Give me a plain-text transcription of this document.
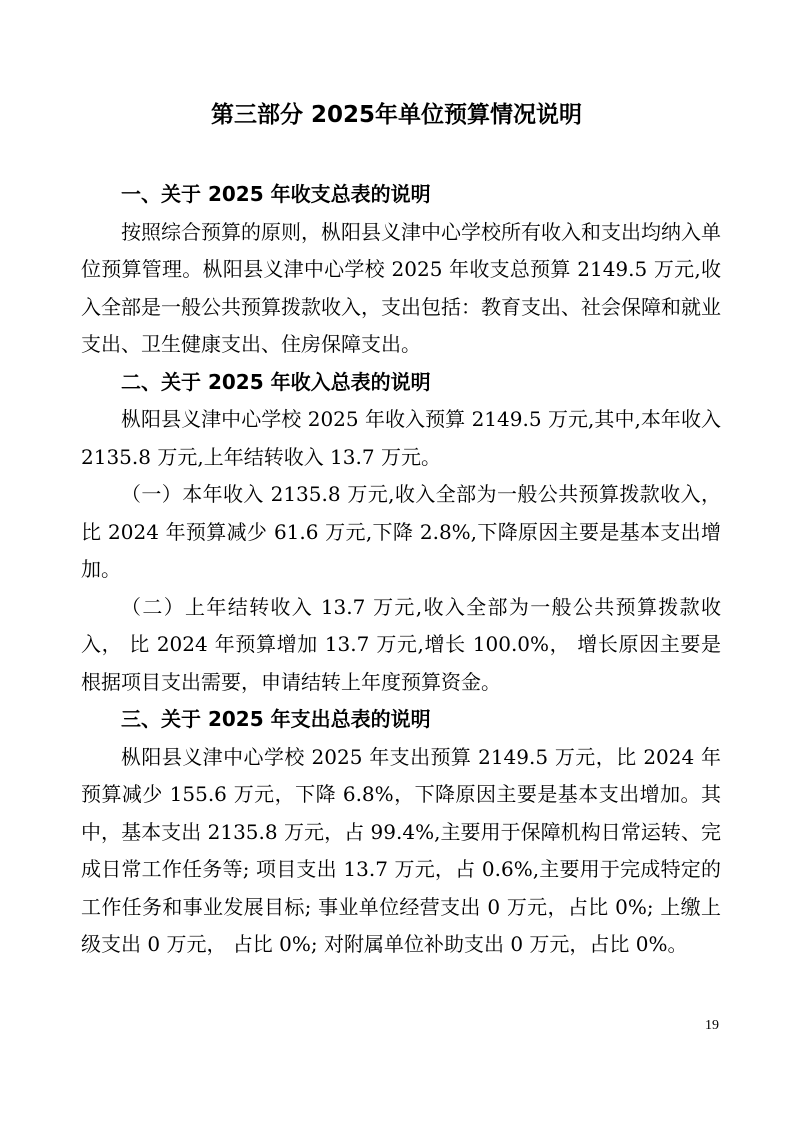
第三部分 2025年单位预算情况说明
一、关于 2025 年收支总表的说明

按照综合预算的原则，枞阳县义津中心学校所有收入和支出均纳入单位预算管理。枞阳县义津中心学校 2025 年收支总预算 2149.5 万元,收入全部是一般公共预算拨款收入，支出包括：教育支出、社会保障和就业支出、卫生健康支出、住房保障支出。

二、关于 2025 年收入总表的说明

枞阳县义津中心学校 2025 年收入预算 2149.5 万元,其中,本年收入 2135.8 万元,上年结转收入 13.7 万元。

（一）本年收入 2135.8 万元,收入全部为一般公共预算拨款收入，比 2024 年预算减少 61.6 万元,下降 2.8%,下降原因主要是基本支出增加。

（二）上年结转收入 13.7 万元,收入全部为一般公共预算拨款收入， 比 2024 年预算增加 13.7 万元,增长 100.0%， 增长原因主要是根据项目支出需要，申请结转上年度预算资金。

三、关于 2025 年支出总表的说明

枞阳县义津中心学校 2025 年支出预算 2149.5 万元，比 2024 年预算减少 155.6 万元，下降 6.8%，下降原因主要是基本支出增加。其中，基本支出 2135.8 万元，占 99.4%,主要用于保障机构日常运转、完成日常工作任务等; 项目支出 13.7 万元，占 0.6%,主要用于完成特定的工作任务和事业发展目标; 事业单位经营支出 0 万元，占比 0%; 上缴上级支出 0 万元， 占比 0%; 对附属单位补助支出 0 万元，占比 0%。

19
